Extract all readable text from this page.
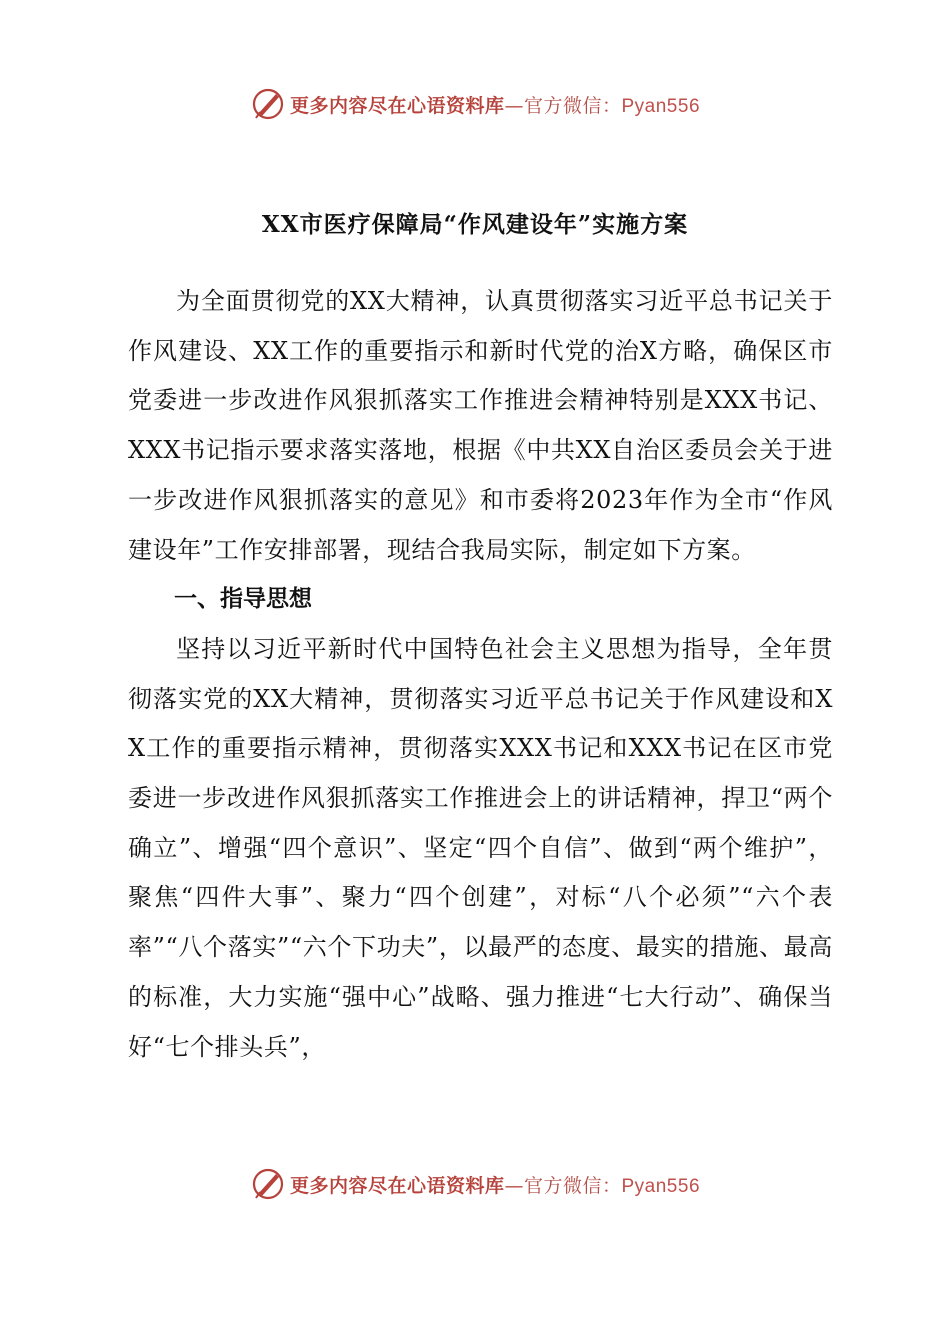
更多内容尽在心语资料库—官方微信：Pyan556
XX市医疗保障局“作风建设年”实施方案

为全面贯彻党的XX大精神，认真贯彻落实习近平总书记关于作风建设、XX工作的重要指示和新时代党的治X方略，确保区市党委进一步改进作风狠抓落实工作推进会精神特别是XXX书记、XXX书记指示要求落实落地，根据《中共XX自治区委员会关于进一步改进作风狠抓落实的意见》和市委将2023年作为全市“作风建设年”工作安排部署，现结合我局实际，制定如下方案。

一、指导思想

坚持以习近平新时代中国特色社会主义思想为指导，全年贯彻落实党的XX大精神，贯彻落实习近平总书记关于作风建设和XX工作的重要指示精神，贯彻落实XXX书记和XXX书记在区市党委进一步改进作风狠抓落实工作推进会上的讲话精神，捍卫“两个确立”、增强“四个意识”、坚定“四个自信”、做到“两个维护”，聚焦“四件大事”、聚力“四个创建”，对标“八个必须”“六个表率”“八个落实”“六个下功夫”，以最严的态度、最实的措施、最高的标准，大力实施“强中心”战略、强力推进“七大行动”、确保当好“七个排头兵”，

更多内容尽在心语资料库—官方微信：Pyan556
